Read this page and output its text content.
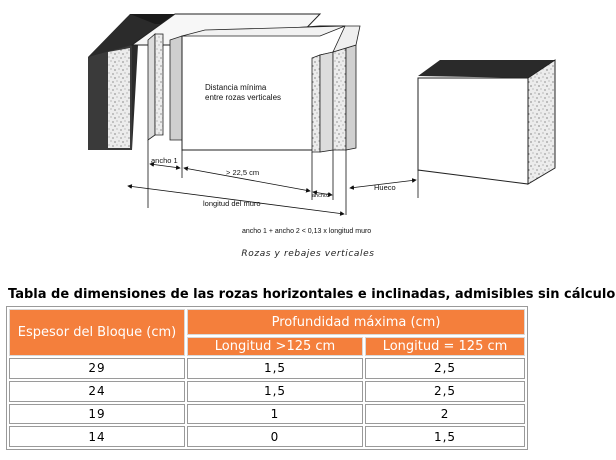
Distancia mínima
entre rozas verticales
ancho 1
> 22,5 cm
ancho2
Hueco
longitud del muro
ancho 1 + ancho 2 < 0,13 x longitud muro
Rozas y rebajes verticales
Tabla de dimensiones de las rozas horizontales e inclinadas, admisibles sin cálculo
Espesor del Bloque (cm)	Profundidad máxima (cm)	
	Longitud >125 cm	Longitud = 125 cm
29	1,5	2,5
24	1,5	2,5
19	1	2
14	0	1,5
